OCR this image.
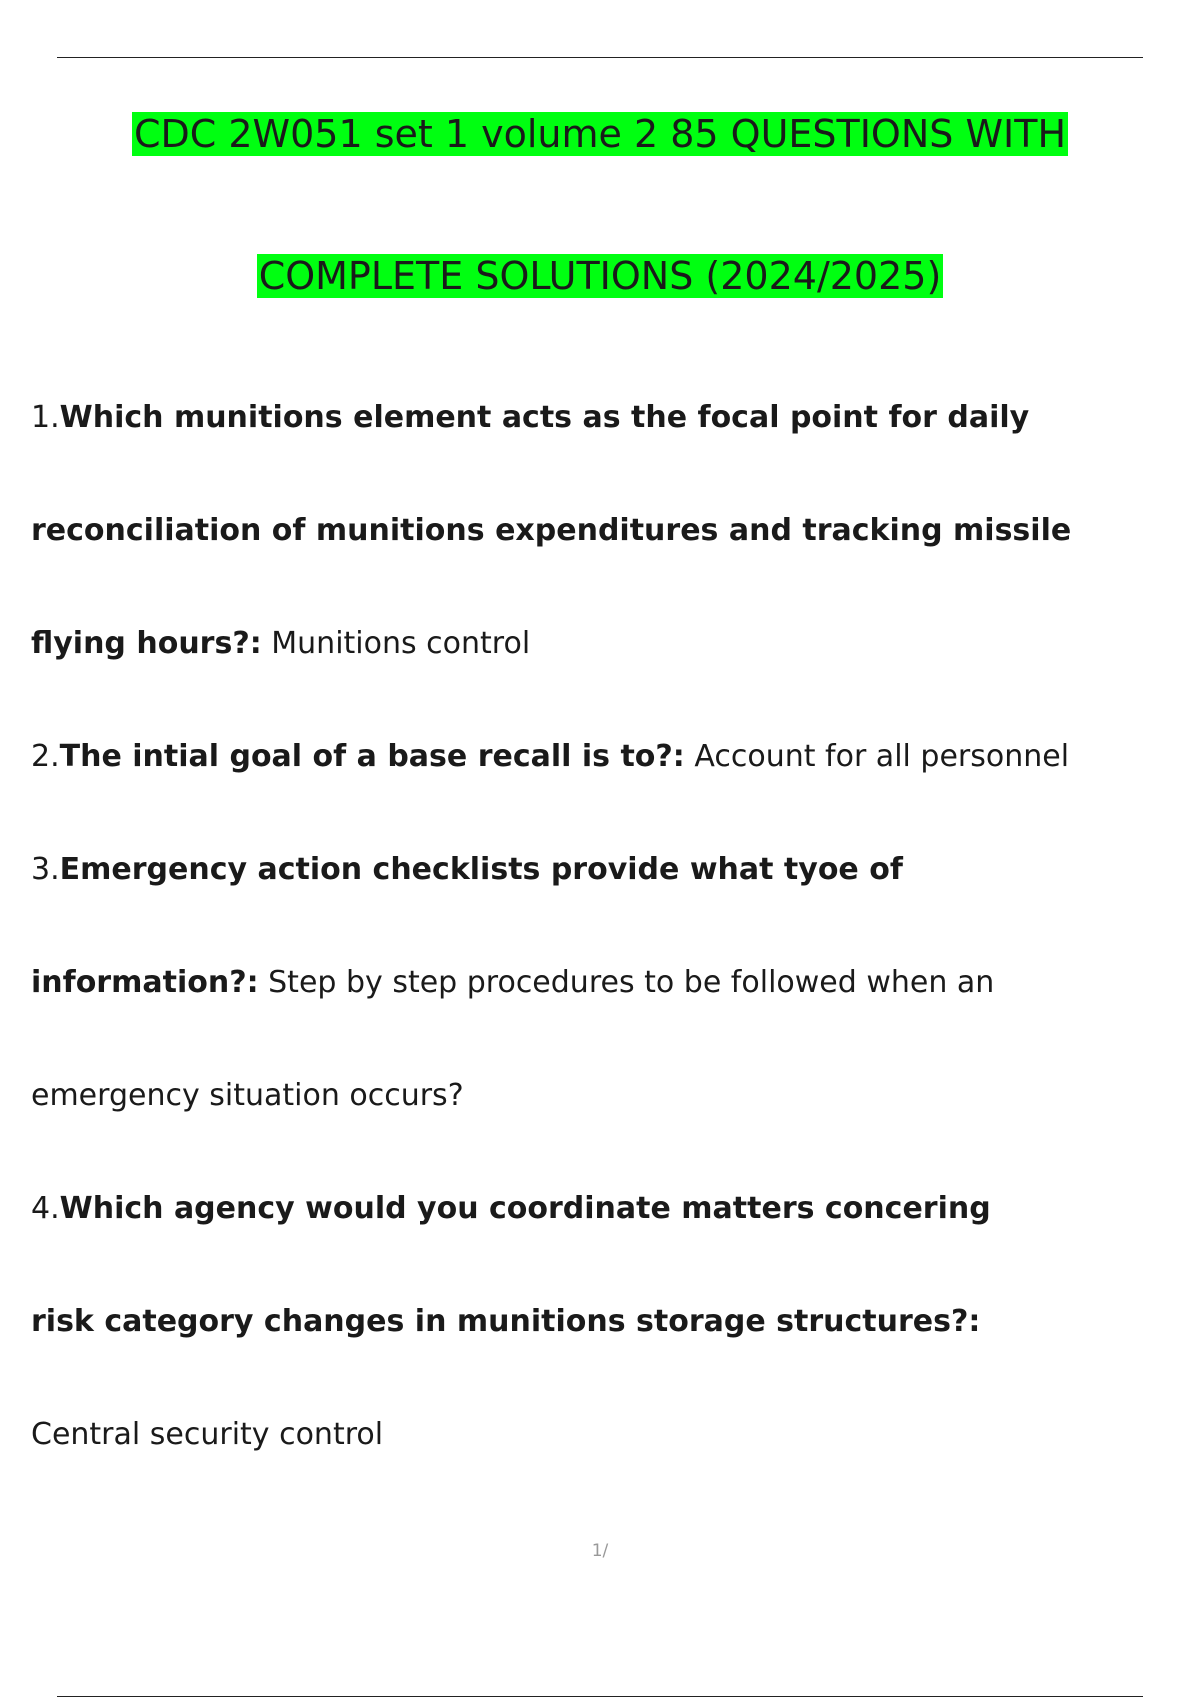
CDC 2W051 set 1 volume 2 85 QUESTIONS WITH
COMPLETE SOLUTIONS (2024/2025)
1.Which munitions element acts as the focal point for daily
reconciliation of munitions expenditures and tracking missile
flying hours?: Munitions control
2.The intial goal of a base recall is to?: Account for all personnel
3.Emergency action checklists provide what tyoe of
information?: Step by step procedures to be followed when an
emergency situation occurs?
4.Which agency would you coordinate matters concering
risk category changes in munitions storage structures?:
Central security control
1/
